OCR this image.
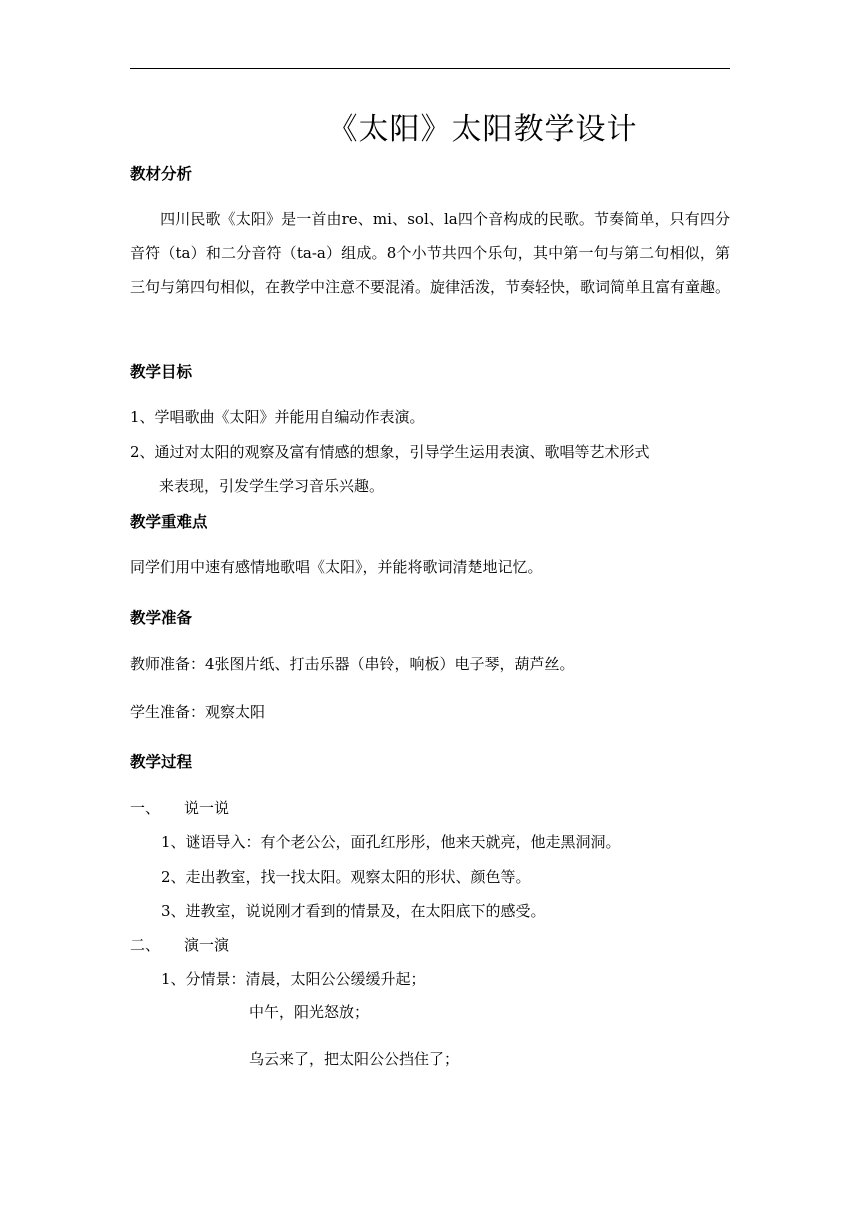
《太阳》太阳教学设计
教材分析
四川民歌《太阳》是一首由re、mi、sol、la四个音构成的民歌。节奏简单，只有四分音符（ta）和二分音符（ta-a）组成。8个小节共四个乐句，其中第一句与第二句相似，第三句与第四句相似，在教学中注意不要混淆。旋律活泼，节奏轻快，歌词简单且富有童趣。
教学目标
1、学唱歌曲《太阳》并能用自编动作表演。
2、通过对太阳的观察及富有情感的想象，引导学生运用表演、歌唱等艺术形式
来表现，引发学生学习音乐兴趣。
教学重难点
同学们用中速有感情地歌唱《太阳》，并能将歌词清楚地记忆。
教学准备
教师准备：4张图片纸、打击乐器（串铃，响板）电子琴，葫芦丝。
学生准备：观察太阳
教学过程
一、 说一说
1、谜语导入：有个老公公，面孔红彤彤，他来天就亮，他走黑洞洞。
2、走出教室，找一找太阳。观察太阳的形状、颜色等。
3、进教室，说说刚才看到的情景及，在太阳底下的感受。
二、 演一演
1、分情景：清晨，太阳公公缓缓升起；
中午，阳光怒放；
乌云来了，把太阳公公挡住了；
